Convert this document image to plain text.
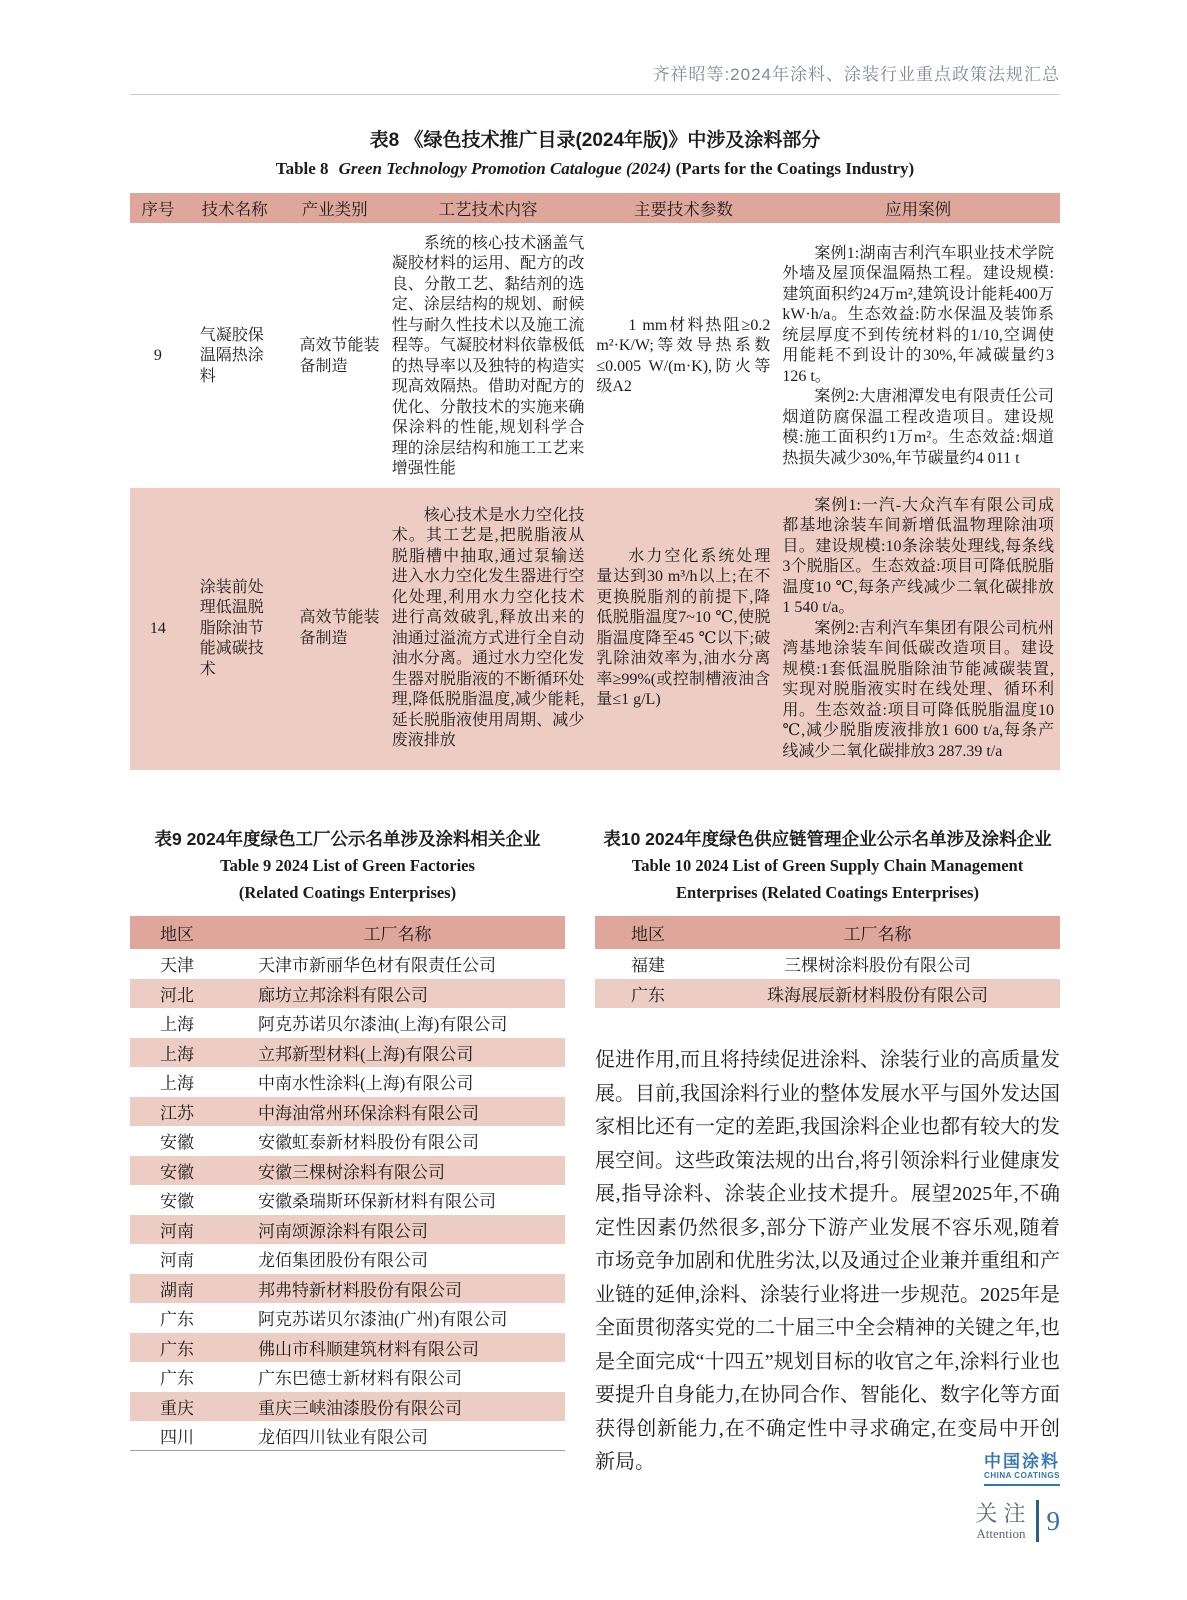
齐祥昭等:2024年涂料、涂装行业重点政策法规汇总
表8 《绿色技术推广目录(2024年版)》中涉及涂料部分
Table 8 Green Technology Promotion Catalogue (2024) (Parts for the Coatings Industry)
序号	技术名称	产业类别	工艺技术内容	主要技术参数	应用案例
9	气凝胶保温隔热涂料	高效节能装备制造	系统的核心技术涵盖气凝胶材料的运用、配方的改良、分散工艺、黏结剂的选定、涂层结构的规划、耐候性与耐久性技术以及施工流程等。气凝胶材料依靠极低的热导率以及独特的构造实现高效隔热。借助对配方的优化、分散技术的实施来确保涂料的性能,规划科学合理的涂层结构和施工工艺来增强性能	1 mm材料热阻≥0.2 m²·K/W;等效导热系数≤0.005 W/(m·K),防火等级A2	案例1:湖南吉利汽车职业技术学院外墙及屋顶保温隔热工程。建设规模:建筑面积约24万m²,建筑设计能耗400万kW·h/a。生态效益:防水保温及装饰系统层厚度不到传统材料的1/10,空调使用能耗不到设计的30%,年减碳量约3 126 t。

案例2:大唐湘潭发电有限责任公司烟道防腐保温工程改造项目。建设规模:施工面积约1万m²。生态效益:烟道热损失减少30%,年节碳量约4 011 t

14	涂装前处理低温脱脂除油节能减碳技术	高效节能装备制造	核心技术是水力空化技术。其工艺是,把脱脂液从脱脂槽中抽取,通过泵输送进入水力空化发生器进行空化处理,利用水力空化技术进行高效破乳,释放出来的油通过溢流方式进行全自动油水分离。通过水力空化发生器对脱脂液的不断循环处理,降低脱脂温度,减少能耗,延长脱脂液使用周期、减少废液排放	水力空化系统处理量达到30 m³/h以上;在不更换脱脂剂的前提下,降低脱脂温度7~10 ℃,使脱脂温度降至45 ℃以下;破乳除油效率为,油水分离率≥99%(或控制槽液油含量≤1 g/L)	案例1:一汽-大众汽车有限公司成都基地涂装车间新增低温物理除油项目。建设规模:10条涂装处理线,每条线3个脱脂区。生态效益:项目可降低脱脂温度10 ℃,每条产线减少二氧化碳排放1 540 t/a。

案例2:吉利汽车集团有限公司杭州湾基地涂装车间低碳改造项目。建设规模:1套低温脱脂除油节能减碳装置,实现对脱脂液实时在线处理、循环利用。生态效益:项目可降低脱脂温度10 ℃,减少脱脂废液排放1 600 t/a,每条产线减少二氧化碳排放3 287.39 t/a

表9 2024年度绿色工厂公示名单涉及涂料相关企业
Table 9 2024 List of Green Factories
(Related Coatings Enterprises)
地区	工厂名称
天津	天津市新丽华色材有限责任公司
河北	廊坊立邦涂料有限公司
上海	阿克苏诺贝尔漆油(上海)有限公司
上海	立邦新型材料(上海)有限公司
上海	中南水性涂料(上海)有限公司
江苏	中海油常州环保涂料有限公司
安徽	安徽虹泰新材料股份有限公司
安徽	安徽三棵树涂料有限公司
安徽	安徽桑瑞斯环保新材料有限公司
河南	河南颂源涂料有限公司
河南	龙佰集团股份有限公司
湖南	邦弗特新材料股份有限公司
广东	阿克苏诺贝尔漆油(广州)有限公司
广东	佛山市科顺建筑材料有限公司
广东	广东巴德士新材料有限公司
重庆	重庆三峡油漆股份有限公司
四川	龙佰四川钛业有限公司
表10 2024年度绿色供应链管理企业公示名单涉及涂料企业
Table 10 2024 List of Green Supply Chain Management
Enterprises (Related Coatings Enterprises)
地区	工厂名称
福建	三棵树涂料股份有限公司
广东	珠海展辰新材料股份有限公司
促进作用,而且将持续促进涂料、涂装行业的高质量发展。目前,我国涂料行业的整体发展水平与国外发达国家相比还有一定的差距,我国涂料企业也都有较大的发展空间。这些政策法规的出台,将引领涂料行业健康发展,指导涂料、涂装企业技术提升。展望2025年,不确定性因素仍然很多,部分下游产业发展不容乐观,随着市场竞争加剧和优胜劣汰,以及通过企业兼并重组和产业链的延伸,涂料、涂装行业将进一步规范。2025年是全面贯彻落实党的二十届三中全会精神的关键之年,也是全面完成“十四五”规划目标的收官之年,涂料行业也要提升自身能力,在协同合作、智能化、数字化等方面获得创新能力,在不确定性中寻求确定,在变局中开创新局。	中国涂料
CHINA COATINGS
关 注
Attention 9
